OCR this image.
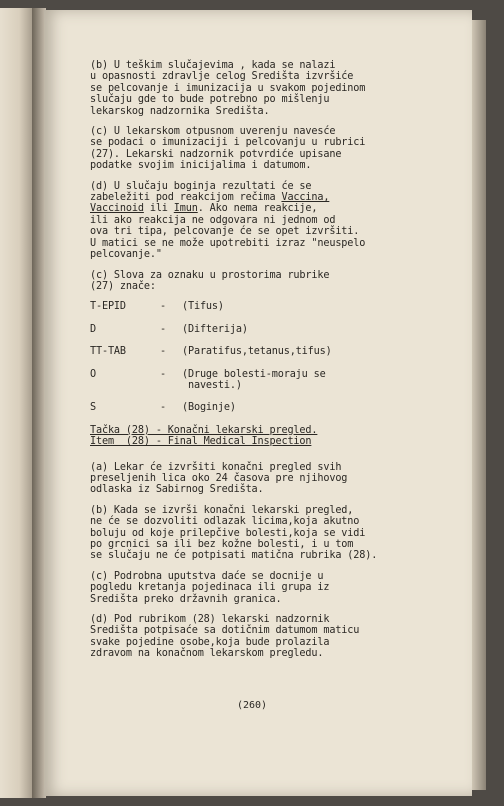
(b) U teškim slučajevima , kada se nalazi
u opasnosti zdravlje celog Središta izvršiće
se pelcovanje i imunizacija u svakom pojedinom
slučaju gde to bude potrebno po mišlenju
lekarskog nadzornika Središta.
(c) U lekarskom otpusnom uverenju navesće
se podaci o imunizaciji i pelcovanju u rubrici
(27). Lekarski nadzornik potvrdiće upisane
podatke svojim inicijalima i datumom.
(d) U slučaju boginja rezultati će se
zabeležiti pod reakcijom rečima Vaccina,
Vaccinoid ili Imun. Ako nema reakcije,
ili ako reakcija ne odgovara ni jednom od
ova tri tipa, pelcovanje će se opet izvršiti.
U matici se ne može upotrebiti izraz "neuspelo
pelcovanje."
(c) Slova za oznaku u prostorima rubrike
(27) znače:
T-EPID	-	(Tifus)
D	-	(Difterija)
TT-TAB	-	(Paratifus,tetanus,tifus)
O	-	(Druge bolesti-moraju se
navesti.)
S	-	(Boginje)
Tačka (28) - Konačni lekarski pregled.
Item  (28) - Final Medical Inspection
(a) Lekar će izvršiti konačni pregled svih
preseljenih lica oko 24 časova pre njihovog
odlaska iz Sabirnog Središta.
(b) Kada se izvrši konačni lekarski pregled,
ne će se dozvoliti odlazak licima,koja akutno
boluju od koje prilepčive bolesti,koja se vidi
po grcnici sa ili bez kožne bolesti, i u tom
se slučaju ne će potpisati matična rubrika (28).
(c) Podrobna uputstva daće se docnije u
pogledu kretanja pojedinaca ili grupa iz
Središta preko državnih granica.
(d) Pod rubrikom (28) lekarski nadzornik
Središta potpisaće sa dotičnim datumom maticu
svake pojedine osobe,koja bude prolazila
zdravom na konačnom lekarskom pregledu.
(260)
